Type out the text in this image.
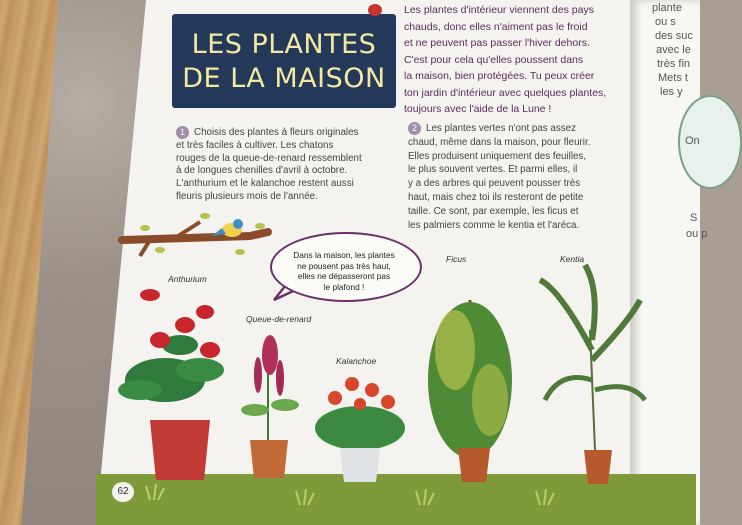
plante
ou s
des suc
avec le
très fin
Mets t
les y
On
S
ou p
LES PLANTES
DE LA MAISON
Les plantes d'intérieur viennent des pays
chauds, donc elles n'aiment pas le froid
et ne peuvent pas passer l'hiver dehors.
C'est pour cela qu'elles poussent dans
la maison, bien protégées. Tu peux créer
ton jardin d'intérieur avec quelques plantes,
toujours avec l'aide de la Lune !
1 Choisis des plantes à fleurs originales
et très faciles à cultiver. Les chatons
rouges de la queue-de-renard ressemblent
à de longues chenilles d'avril à octobre.
L'anthurium et le kalanchoe restent aussi
fleuris plusieurs mois de l'année.
2 Les plantes vertes n'ont pas assez
chaud, même dans la maison, pour fleurir.
Elles produisent uniquement des feuilles,
le plus souvent vertes. Et parmi elles, il
y a des arbres qui peuvent pousser très
haut, mais chez toi ils resteront de petite
taille. Ce sont, par exemple, les ficus et
les palmiers comme le kentia et l'aréca.
Dans la maison, les plantes
ne pousent pas très haut,
elles ne dépasseront pas
le plafond !
Anthurium
Queue-de-renard
Kalanchoe
Ficus	Kentia
62
